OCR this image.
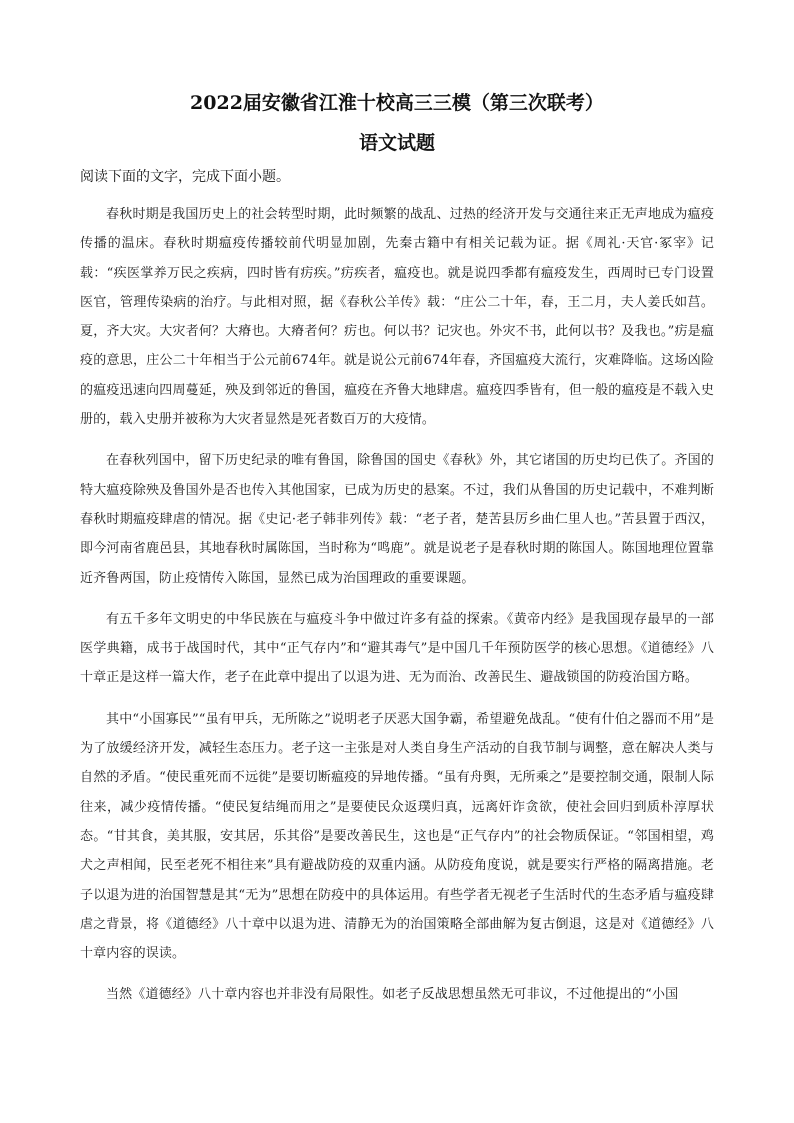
2022届安徽省江淮十校高三三模（第三次联考）
语文试题
阅读下面的文字，完成下面小题。

春秋时期是我国历史上的社会转型时期，此时频繁的战乱、过热的经济开发与交通往来正无声地成为瘟疫传播的温床。春秋时期瘟疫传播较前代明显加剧，先秦古籍中有相关记载为证。据《周礼·天官·冢宰》记载：“疾医掌养万民之疾病，四时皆有疠疾。”疠疾者，瘟疫也。就是说四季都有瘟疫发生，西周时已专门设置医官，管理传染病的治疗。与此相对照，据《春秋公羊传》载：“庄公二十年，春，王二月，夫人姜氏如莒。夏，齐大灾。大灾者何？大瘠也。大瘠者何？疠也。何以书？记灾也。外灾不书，此何以书？及我也。”疠是瘟疫的意思，庄公二十年相当于公元前674年。就是说公元前674年春，齐国瘟疫大流行，灾难降临。这场凶险的瘟疫迅速向四周蔓延，殃及到邻近的鲁国，瘟疫在齐鲁大地肆虐。瘟疫四季皆有，但一般的瘟疫是不载入史册的，载入史册并被称为大灾者显然是死者数百万的大疫情。

在春秋列国中，留下历史纪录的唯有鲁国，除鲁国的国史《春秋》外，其它诸国的历史均已佚了。齐国的特大瘟疫除殃及鲁国外是否也传入其他国家，已成为历史的悬案。不过，我们从鲁国的历史记载中，不难判断春秋时期瘟疫肆虐的情况。据《史记·老子韩非列传》载：“老子者，楚苦县厉乡曲仁里人也。”苦县置于西汉，即今河南省鹿邑县，其地春秋时属陈国，当时称为“鸣鹿”。就是说老子是春秋时期的陈国人。陈国地理位置靠近齐鲁两国，防止疫情传入陈国，显然已成为治国理政的重要课题。

有五千多年文明史的中华民族在与瘟疫斗争中做过许多有益的探索。《黄帝内经》是我国现存最早的一部医学典籍，成书于战国时代，其中“正气存内”和“避其毒气”是中国几千年预防医学的核心思想。《道德经》八十章正是这样一篇大作，老子在此章中提出了以退为进、无为而治、改善民生、避战锁国的防疫治国方略。

其中“小国寡民”“虽有甲兵，无所陈之”说明老子厌恶大国争霸，希望避免战乱。“使有什伯之器而不用”是为了放缓经济开发，减轻生态压力。老子这一主张是对人类自身生产活动的自我节制与调整，意在解决人类与自然的矛盾。“使民重死而不远徙”是要切断瘟疫的异地传播。“虽有舟舆，无所乘之”是要控制交通，限制人际往来，减少疫情传播。“使民复结绳而用之”是要使民众返璞归真，远离奸诈贪欲，使社会回归到质朴淳厚状态。“甘其食，美其服，安其居，乐其俗”是要改善民生，这也是“正气存内”的社会物质保证。“邻国相望，鸡犬之声相闻，民至老死不相往来”具有避战防疫的双重内涵。从防疫角度说，就是要实行严格的隔离措施。老子以退为进的治国智慧是其“无为”思想在防疫中的具体运用。有些学者无视老子生活时代的生态矛盾与瘟疫肆虐之背景，将《道德经》八十章中以退为进、清静无为的治国策略全部曲解为复古倒退，这是对《道德经》八十章内容的误读。

当然《道德经》八十章内容也并非没有局限性。如老子反战思想虽然无可非议，不过他提出的“小国
